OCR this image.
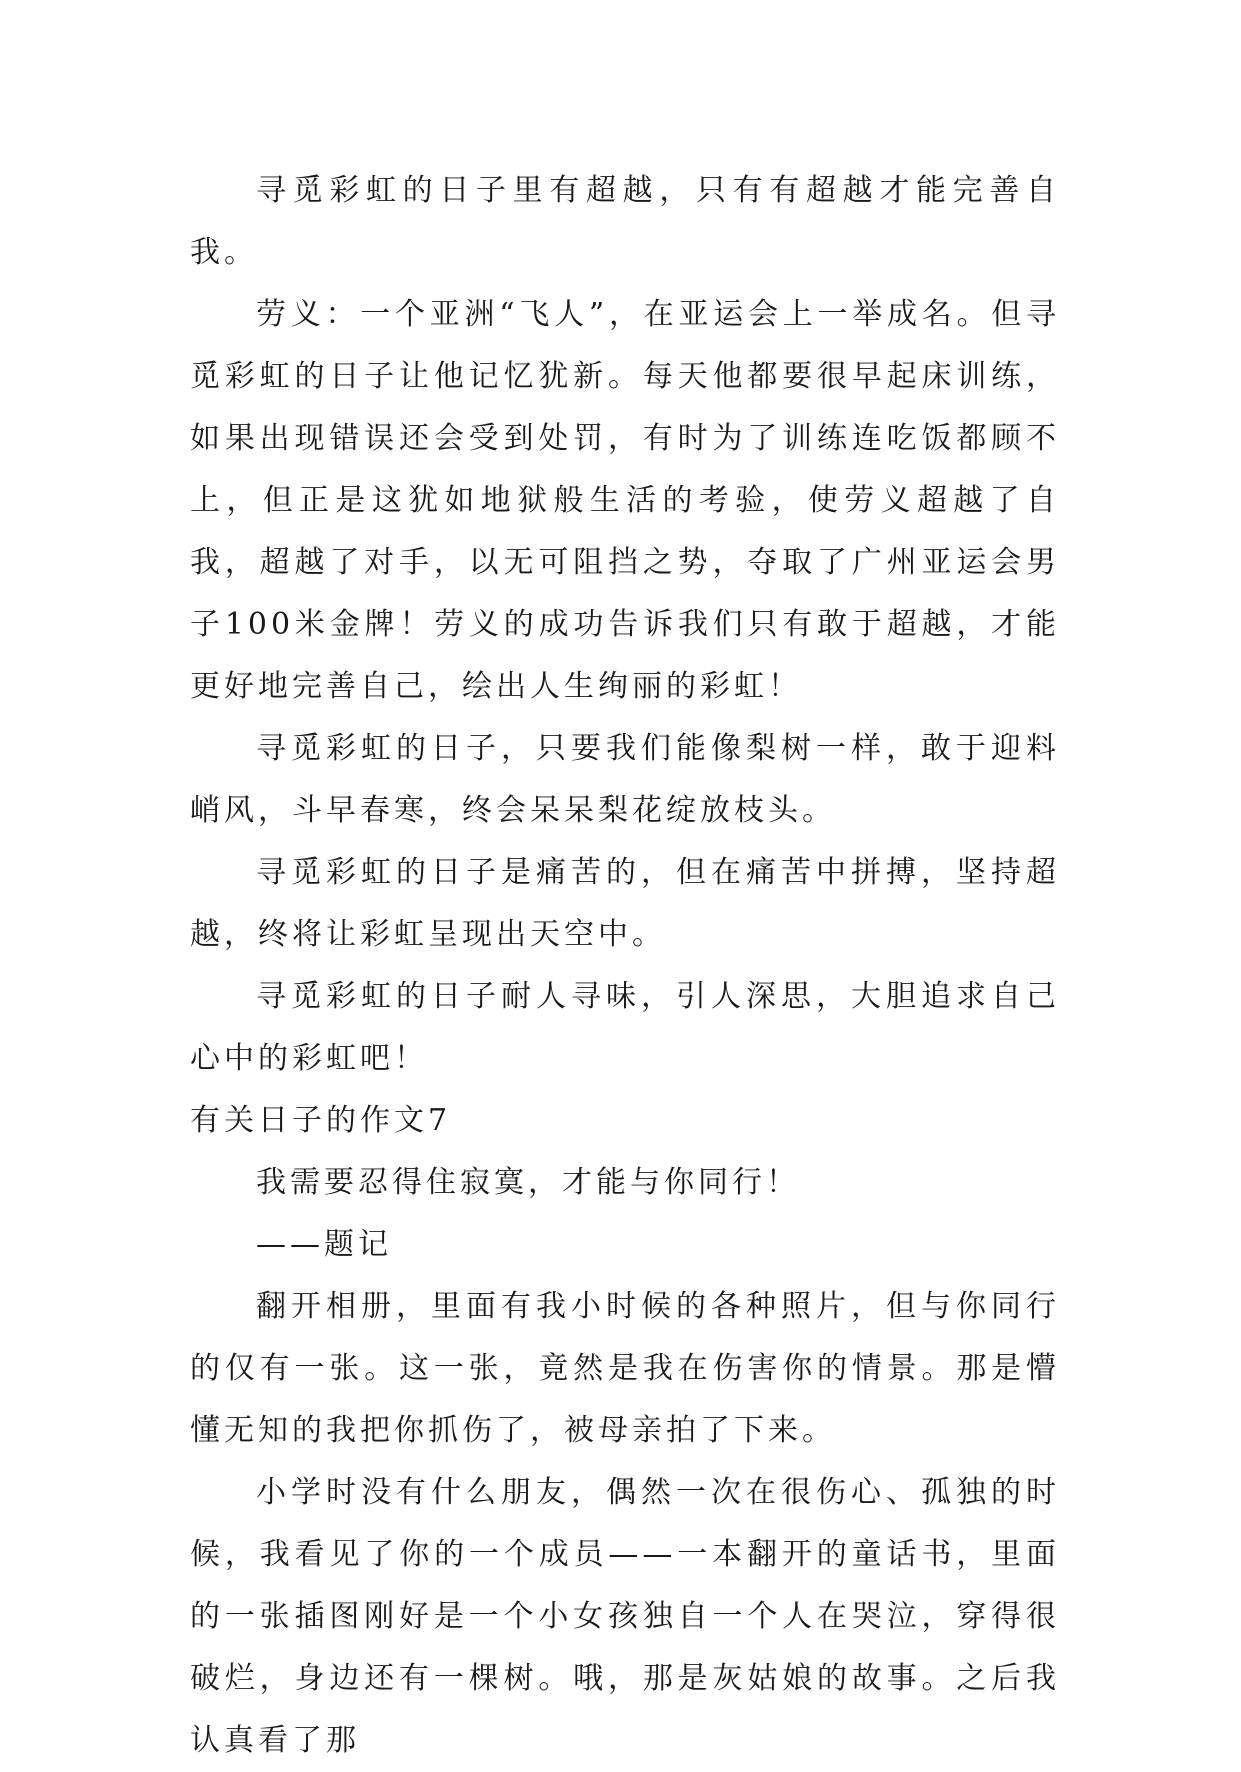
寻觅彩虹的日子里有超越，只有有超越才能完善自我。

劳义：一个亚洲“飞人”，在亚运会上一举成名。但寻觅彩虹的日子让他记忆犹新。每天他都要很早起床训练，如果出现错误还会受到处罚，有时为了训练连吃饭都顾不上，但正是这犹如地狱般生活的考验，使劳义超越了自我，超越了对手，以无可阻挡之势，夺取了广州亚运会男子100米金牌！劳义的成功告诉我们只有敢于超越，才能更好地完善自己，绘出人生绚丽的彩虹！

寻觅彩虹的日子，只要我们能像梨树一样，敢于迎料峭风，斗早春寒，终会呆呆梨花绽放枝头。

寻觅彩虹的日子是痛苦的，但在痛苦中拼搏，坚持超越，终将让彩虹呈现出天空中。

寻觅彩虹的日子耐人寻味，引人深思，大胆追求自己心中的彩虹吧！

有关日子的作文7

我需要忍得住寂寞，才能与你同行！

——题记

翻开相册，里面有我小时候的各种照片，但与你同行的仅有一张。这一张，竟然是我在伤害你的情景。那是懵懂无知的我把你抓伤了，被母亲拍了下来。

小学时没有什么朋友，偶然一次在很伤心、孤独的时候，我看见了你的一个成员——一本翻开的童话书，里面的一张插图刚好是一个小女孩独自一个人在哭泣，穿得很破烂，身边还有一棵树。哦，那是灰姑娘的故事。之后我认真看了那
